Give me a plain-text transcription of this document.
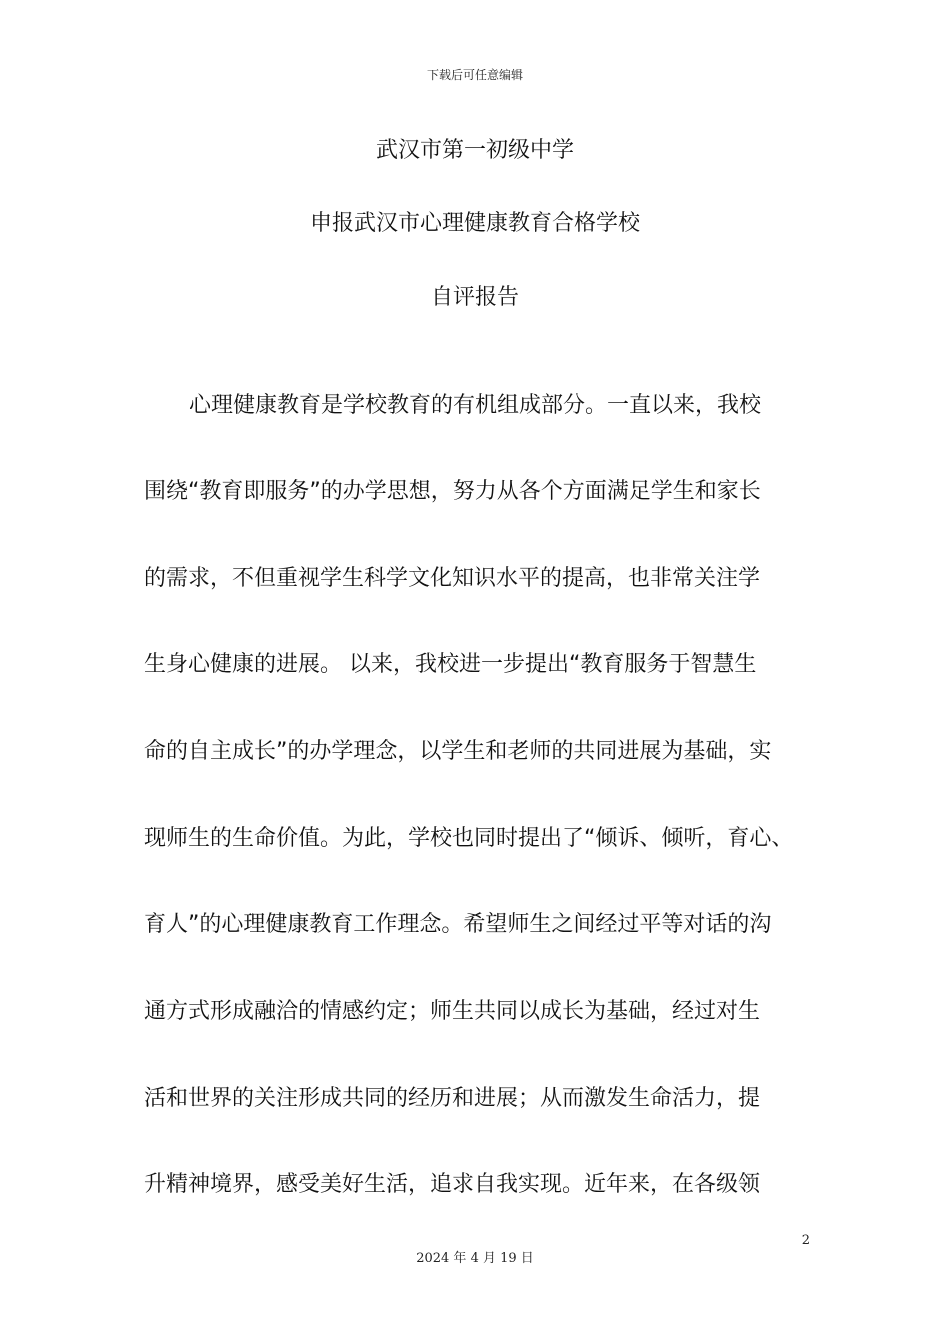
下载后可任意编辑
武汉市第一初级中学
申报武汉市心理健康教育合格学校
自评报告
心理健康教育是学校教育的有机组成部分。一直以来，我校
围绕“教育即服务”的办学思想，努力从各个方面满足学生和家长
的需求，不但重视学生科学文化知识水平的提高，也非常关注学
生身心健康的进展。 以来，我校进一步提出“教育服务于智慧生
命的自主成长”的办学理念，以学生和老师的共同进展为基础，实
现师生的生命价值。为此，学校也同时提出了“倾诉、倾听，育心、
育人”的心理健康教育工作理念。希望师生之间经过平等对话的沟
通方式形成融洽的情感约定；师生共同以成长为基础，经过对生
活和世界的关注形成共同的经历和进展；从而激发生命活力，提
升精神境界，感受美好生活，追求自我实现。近年来，在各级领
2
2024 年 4 月 19 日
